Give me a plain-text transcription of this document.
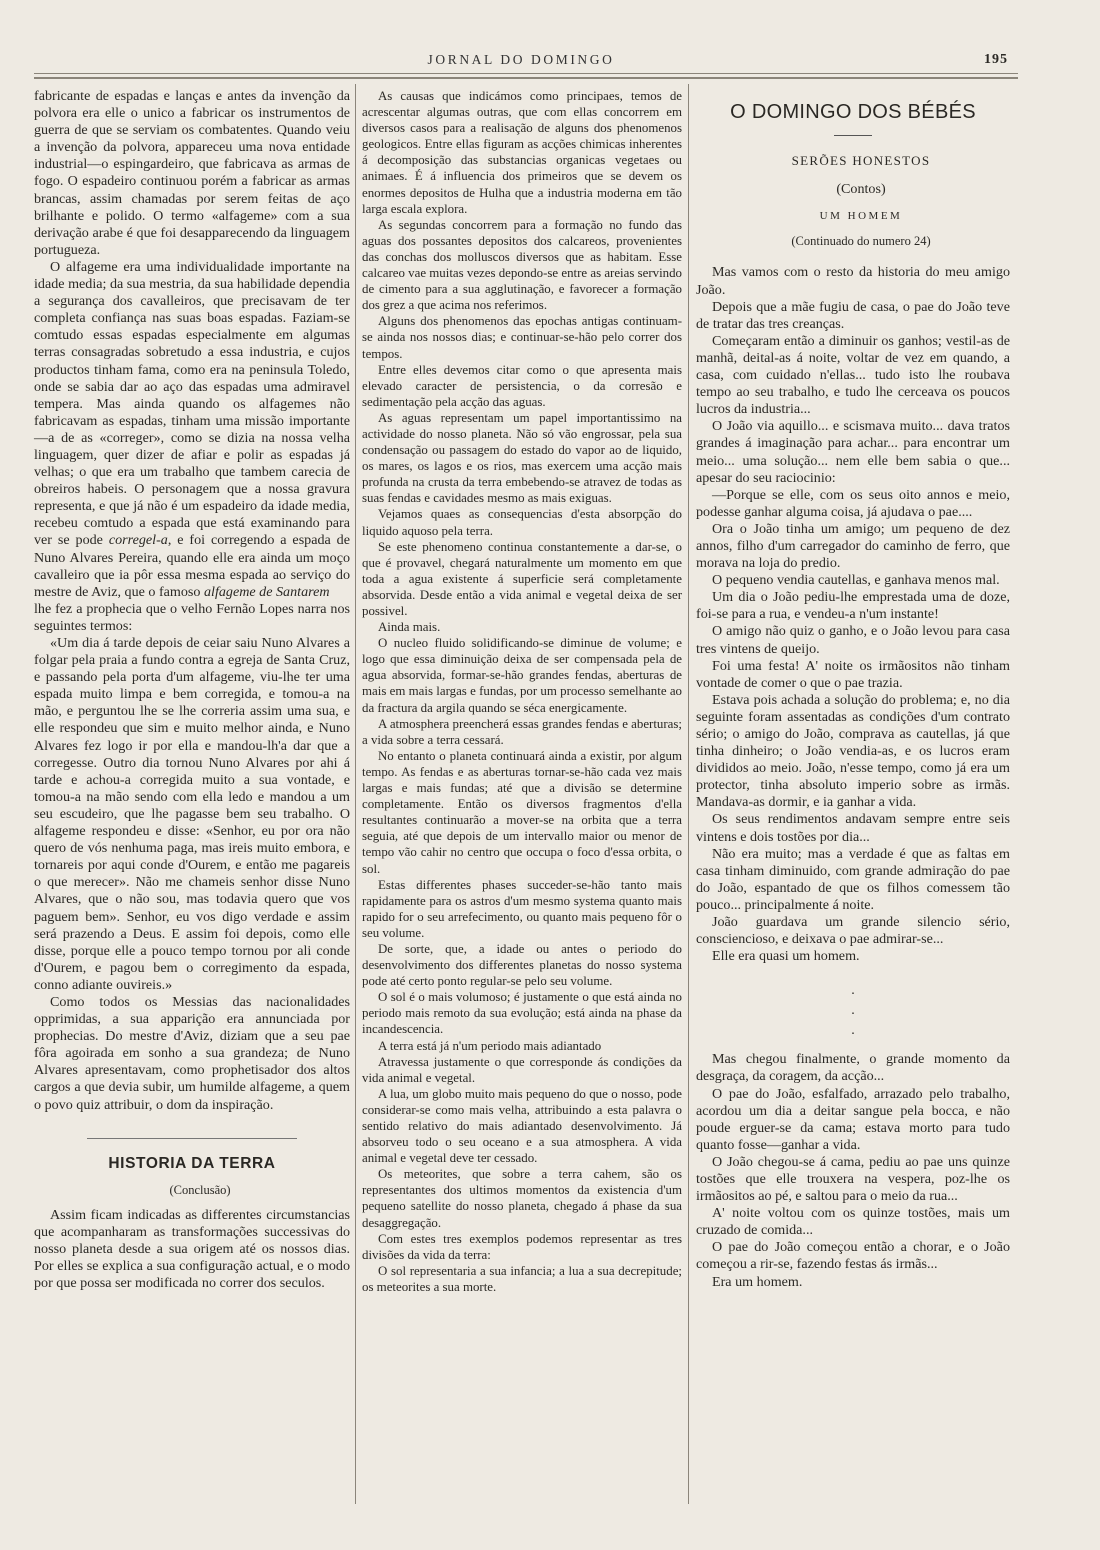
JORNAL DO DOMINGO	195

fabricante de espadas e lanças e antes da invenção da polvora era elle o unico a fabricar os instrumentos de guerra de que se serviam os combatentes. Quando veiu a invenção da polvora, appareceu uma nova entidade industrial—o espingardeiro, que fabricava as armas de fogo. O espadeiro continuou porém a fabricar as armas brancas, assim chamadas por serem feitas de aço brilhante e polido. O termo «alfageme» com a sua derivação arabe é que foi desapparecendo da linguagem portugueza.

O alfageme era uma individualidade importante na idade media; da sua mestria, da sua habilidade dependia a segurança dos cavalleiros, que precisavam de ter completa confiança nas suas boas espadas. Faziam-se comtudo essas espadas especialmente em algumas terras consagradas sobretudo a essa industria, e cujos productos tinham fama, como era na peninsula Toledo, onde se sabia dar ao aço das espadas uma admiravel tempera. Mas ainda quando os alfagemes não fabricavam as espadas, tinham uma missão importante—a de as «correger», como se dizia na nossa velha linguagem, quer dizer de afiar e polir as espadas já velhas; o que era um trabalho que tambem carecia de obreiros habeis. O personagem que a nossa gravura representa, e que já não é um espadeiro da idade media, recebeu comtudo a espada que está examinando para ver se pode corregel-a, e foi corregendo a espada de Nuno Alvares Pereira, quando elle era ainda um moço cavalleiro que ia pôr essa mesma espada ao serviço do mestre de Aviz, que o famoso alfageme de Santarem

lhe fez a prophecia que o velho Fernão Lopes narra nos seguintes termos:

«Um dia á tarde depois de ceiar saiu Nuno Alvares a folgar pela praia a fundo contra a egreja de Santa Cruz, e passando pela porta d'um alfageme, viu-lhe ter uma espada muito limpa e bem corregida, e tomou-a na mão, e perguntou lhe se lhe correria assim uma sua, e elle respondeu que sim e muito melhor ainda, e Nuno Alvares fez logo ir por ella e mandou-lh'a dar que a corregesse. Outro dia tornou Nuno Alvares por ahi á tarde e achou-a corregida muito a sua vontade, e tomou-a na mão sendo com ella ledo e mandou a um seu escudeiro, que lhe pagasse bem seu trabalho. O alfageme respondeu e disse: «Senhor, eu por ora não quero de vós nenhuma paga, mas ireis muito embora, e tornareis por aqui conde d'Ourem, e então me pagareis o que merecer». Não me chameis senhor disse Nuno Alvares, que o não sou, mas todavia quero que vos paguem bem». Senhor, eu vos digo verdade e assim será prazendo a Deus. E assim foi depois, como elle disse, porque elle a pouco tempo tornou por ali conde d'Ourem, e pagou bem o corregimento da espada, conno adiante ouvireis.»

Como todos os Messias das nacionalidades opprimidas, a sua apparição era annunciada por prophecias. Do mestre d'Aviz, diziam que a seu pae fôra agoirada em sonho a sua grandeza; de Nuno Alvares apresentavam, como prophetisador dos altos cargos a que devia subir, um humilde alfageme, a quem o povo quiz attribuir, o dom da inspiração.

HISTORIA DA TERRA

(Conclusão)

Assim ficam indicadas as differentes circumstancias que acompanharam as transformações successivas do nosso planeta desde a sua origem até os nossos dias. Por elles se explica a sua configuração actual, e o modo por que possa ser modificada no correr dos seculos.

As causas que indicámos como principaes, temos de acrescentar algumas outras, que com ellas concorrem em diversos casos para a realisação de alguns dos phenomenos geologicos. Entre ellas figuram as acções chimicas inherentes á decomposição das substancias organicas vegetaes ou animaes. É á influencia dos primeiros que se devem os enormes depositos de Hulha que a industria moderna em tão larga escala explora.

As segundas concorrem para a formação no fundo das aguas dos possantes depositos dos calcareos, provenientes das conchas dos molluscos diversos que as habitam. Esse calcareo vae muitas vezes depondo-se entre as areias servindo de cimento para a sua agglutinação, e favorecer a formação dos grez a que acima nos referimos.

Alguns dos phenomenos das epochas antigas continuam-se ainda nos nossos dias; e continuar-se-hão pelo correr dos tempos.

Entre elles devemos citar como o que apresenta mais elevado caracter de persistencia, o da corresão e sedimentação pela acção das aguas.

As aguas representam um papel importantissimo na actividade do nosso planeta. Não só vão engrossar, pela sua condensação ou passagem do estado do vapor ao de liquido, os mares, os lagos e os rios, mas exercem uma acção mais profunda na crusta da terra embebendo-se atravez de todas as suas fendas e cavidades mesmo as mais exiguas.

Vejamos quaes as consequencias d'esta absorpção do liquido aquoso pela terra.

Se este phenomeno continua constantemente a dar-se, o que é provavel, chegará naturalmente um momento em que toda a agua existente á superficie será completamente absorvida. Desde então a vida animal e vegetal deixa de ser possivel.

Ainda mais.

O nucleo fluido solidificando-se diminue de volume; e logo que essa diminuição deixa de ser compensada pela de agua absorvida, formar-se-hão grandes fendas, aberturas de mais em mais largas e fundas, por um processo semelhante ao da fractura da argila quando se séca energicamente.

A atmosphera preencherá essas grandes fendas e aberturas; a vida sobre a terra cessará.

No entanto o planeta continuará ainda a existir, por algum tempo. As fendas e as aberturas tornar-se-hão cada vez mais largas e mais fundas; até que a divisão se determine completamente. Então os diversos fragmentos d'ella resultantes continuarão a mover-se na orbita que a terra seguia, até que depois de um intervallo maior ou menor de tempo vão cahir no centro que occupa o foco d'essa orbita, o sol.

Estas differentes phases succeder-se-hão tanto mais rapidamente para os astros d'um mesmo systema quanto mais rapido for o seu arrefecimento, ou quanto mais pequeno fôr o seu volume.

De sorte, que, a idade ou antes o periodo do desenvolvimento dos differentes planetas do nosso systema pode até certo ponto regular-se pelo seu volume.

O sol é o mais volumoso; é justamente o que está ainda no periodo mais remoto da sua evolução; está ainda na phase da incandescencia.

A terra está já n'um periodo mais adiantado

Atravessa justamente o que corresponde ás condições da vida animal e vegetal.

A lua, um globo muito mais pequeno do que o nosso, pode considerar-se como mais velha, attribuindo a esta palavra o sentido relativo do mais adiantado desenvolvimento. Já absorveu todo o seu oceano e a sua atmosphera. A vida animal e vegetal deve ter cessado.

Os meteorites, que sobre a terra cahem, são os representantes dos ultimos momentos da existencia d'um pequeno satellite do nosso planeta, chegado á phase da sua desaggregação.

Com estes tres exemplos podemos representar as tres divisões da vida da terra:

O sol representaria a sua infancia; a lua a sua decrepitude; os meteorites a sua morte.

O DOMINGO DOS BÉBÉS

SERÕES HONESTOS

(Contos)

UM HOMEM

(Continuado do numero 24)

Mas vamos com o resto da historia do meu amigo João.

Depois que a mãe fugiu de casa, o pae do João teve de tratar das tres creanças.

Começaram então a diminuir os ganhos; vestil-as de manhã, deital-as á noite, voltar de vez em quando, a casa, com cuidado n'ellas... tudo isto lhe roubava tempo ao seu trabalho, e tudo lhe cerceava os poucos lucros da industria...

O João via aquillo... e scismava muito... dava tratos grandes á imaginação para achar... para encontrar um meio... uma solução... nem elle bem sabia o que... apesar do seu raciocinio:

—Porque se elle, com os seus oito annos e meio, podesse ganhar alguma coisa, já ajudava o pae....

Ora o João tinha um amigo; um pequeno de dez annos, filho d'um carregador do caminho de ferro, que morava na loja do predio.

O pequeno vendia cautellas, e ganhava menos mal.

Um dia o João pediu-lhe emprestada uma de doze, foi-se para a rua, e vendeu-a n'um instante!

O amigo não quiz o ganho, e o João levou para casa tres vintens de queijo.

Foi uma festa! A' noite os irmãositos não tinham vontade de comer o que o pae trazia.

Estava pois achada a solução do problema; e, no dia seguinte foram assentadas as condições d'um contrato sério; o amigo do João, comprava as cautellas, já que tinha dinheiro; o João vendia-as, e os lucros eram divididos ao meio. João, n'esse tempo, como já era um protector, tinha absoluto imperio sobre as irmãs. Mandava-as dormir, e ia ganhar a vida.

Os seus rendimentos andavam sempre entre seis vintens e dois tostões por dia...

Não era muito; mas a verdade é que as faltas em casa tinham diminuido, com grande admiração do pae do João, espantado de que os filhos comessem tão pouco... principalmente á noite.

João guardava um grande silencio sério, consciencioso, e deixava o pae admirar-se...

Elle era quasi um homem.

.
.
.

Mas chegou finalmente, o grande momento da desgraça, da coragem, da acção...

O pae do João, esfalfado, arrazado pelo trabalho, acordou um dia a deitar sangue pela bocca, e não poude erguer-se da cama; estava morto para tudo quanto fosse—ganhar a vida.

O João chegou-se á cama, pediu ao pae uns quinze tostões que elle trouxera na vespera, poz-lhe os irmãositos ao pé, e saltou para o meio da rua...

A' noite voltou com os quinze tostões, mais um cruzado de comida...

O pae do João começou então a chorar, e o João começou a rir-se, fazendo festas ás irmãs...

Era um homem.
